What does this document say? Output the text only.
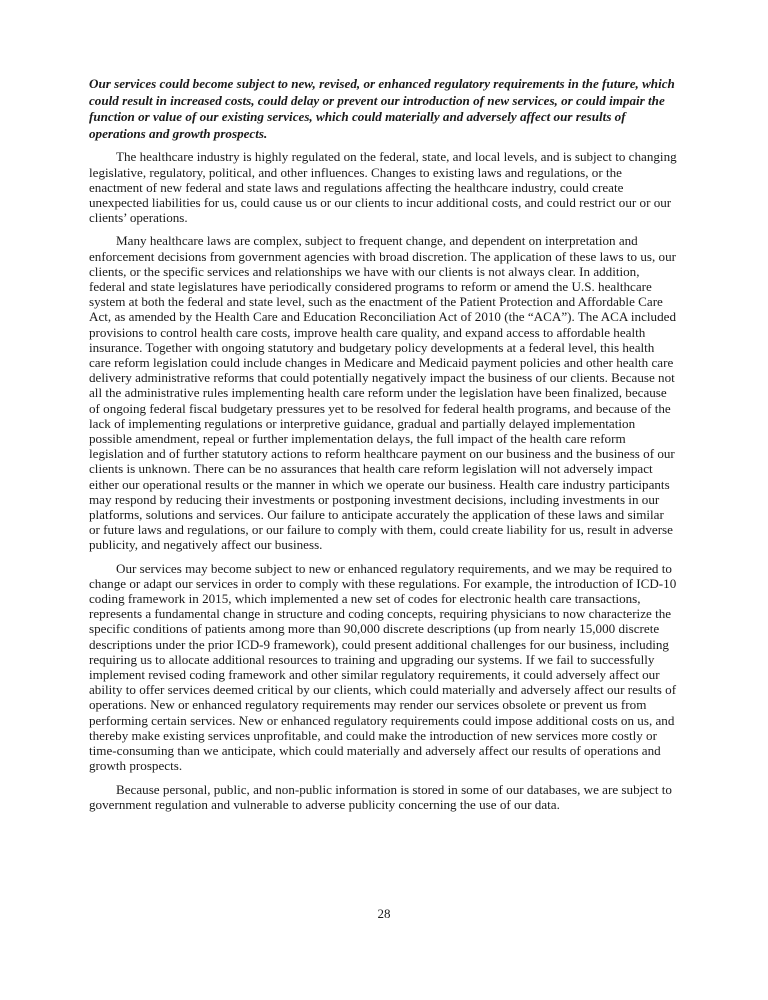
Our services could become subject to new, revised, or enhanced regulatory requirements in the future, which could result in increased costs, could delay or prevent our introduction of new services, or could impair the function or value of our existing services, which could materially and adversely affect our results of operations and growth prospects.

The healthcare industry is highly regulated on the federal, state, and local levels, and is subject to changing legislative, regulatory, political, and other influences. Changes to existing laws and regulations, or the enactment of new federal and state laws and regulations affecting the healthcare industry, could create unexpected liabilities for us, could cause us or our clients to incur additional costs, and could restrict our or our clients’ operations.

Many healthcare laws are complex, subject to frequent change, and dependent on interpretation and enforcement decisions from government agencies with broad discretion. The application of these laws to us, our clients, or the specific services and relationships we have with our clients is not always clear. In addition, federal and state legislatures have periodically considered programs to reform or amend the U.S. healthcare system at both the federal and state level, such as the enactment of the Patient Protection and Affordable Care Act, as amended by the Health Care and Education Reconciliation Act of 2010 (the “ACA”). The ACA included provisions to control health care costs, improve health care quality, and expand access to affordable health insurance. Together with ongoing statutory and budgetary policy developments at a federal level, this health care reform legislation could include changes in Medicare and Medicaid payment policies and other health care delivery administrative reforms that could potentially negatively impact the business of our clients. Because not all the administrative rules implementing health care reform under the legislation have been finalized, because of ongoing federal fiscal budgetary pressures yet to be resolved for federal health programs, and because of the lack of implementing regulations or interpretive guidance, gradual and partially delayed implementation possible amendment, repeal or further implementation delays, the full impact of the health care reform legislation and of further statutory actions to reform healthcare payment on our business and the business of our clients is unknown. There can be no assurances that health care reform legislation will not adversely impact either our operational results or the manner in which we operate our business. Health care industry participants may respond by reducing their investments or postponing investment decisions, including investments in our platforms, solutions and services. Our failure to anticipate accurately the application of these laws and similar or future laws and regulations, or our failure to comply with them, could create liability for us, result in adverse publicity, and negatively affect our business.

Our services may become subject to new or enhanced regulatory requirements, and we may be required to change or adapt our services in order to comply with these regulations. For example, the introduction of ICD-10 coding framework in 2015, which implemented a new set of codes for electronic health care transactions, represents a fundamental change in structure and coding concepts, requiring physicians to now characterize the specific conditions of patients among more than 90,000 discrete descriptions (up from nearly 15,000 discrete descriptions under the prior ICD-9 framework), could present additional challenges for our business, including requiring us to allocate additional resources to training and upgrading our systems. If we fail to successfully implement revised coding framework and other similar regulatory requirements, it could adversely affect our ability to offer services deemed critical by our clients, which could materially and adversely affect our results of operations. New or enhanced regulatory requirements may render our services obsolete or prevent us from performing certain services. New or enhanced regulatory requirements could impose additional costs on us, and thereby make existing services unprofitable, and could make the introduction of new services more costly or time-consuming than we anticipate, which could materially and adversely affect our results of operations and growth prospects.

Because personal, public, and non-public information is stored in some of our databases, we are subject to government regulation and vulnerable to adverse publicity concerning the use of our data.

28
